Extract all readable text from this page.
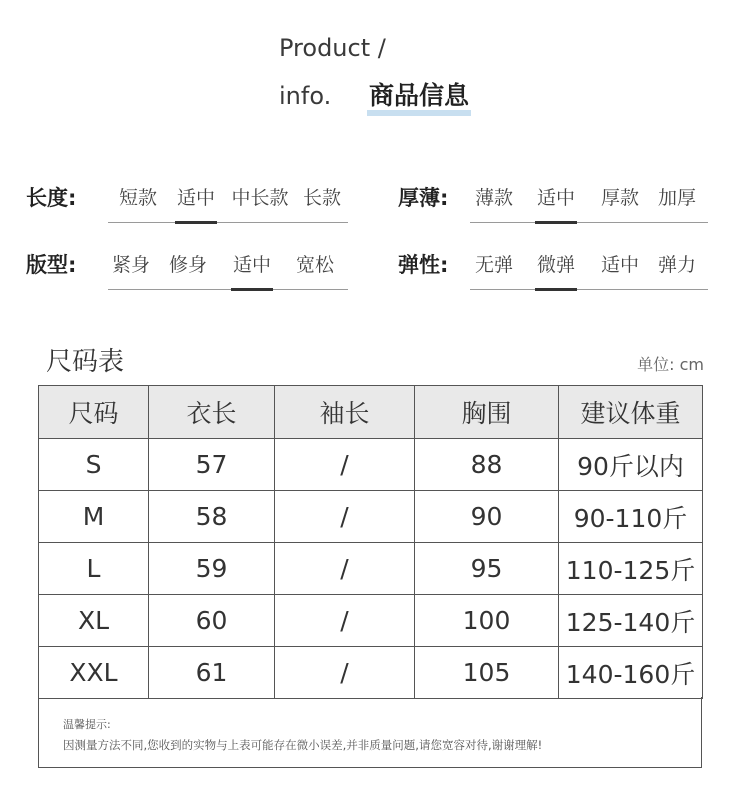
Product /
info.	商品信息
长度:	短款	适中 中长款 长款	厚薄:	薄款	适中	厚款 加厚
版型:	紧身 修身	适中	宽松	弹性:	无弹	微弹	适中 弹力
尺码表	单位: cm
尺码	衣长	袖长	胸围	建议体重
S	57	/	88	90斤以内
M	58	/	90	90-110斤
L	59	/	95	110-125斤
XL	60	/	100	125-140斤
XXL	61	/	105	140-160斤
温馨提示:
因测量方法不同,您收到的实物与上表可能存在微小误差,并非质量问题,请您宽容对待,谢谢理解!
